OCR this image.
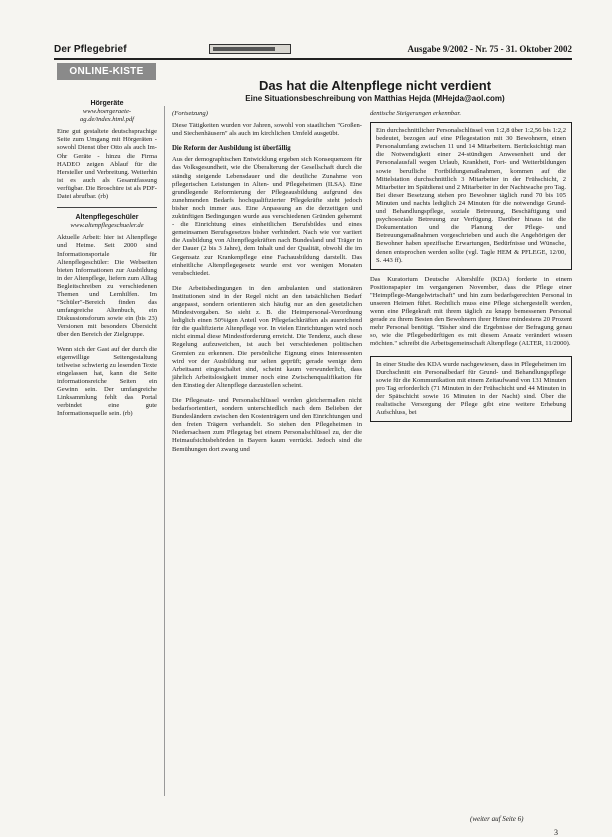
Der Pflegebrief	Ausgabe 9/2002 - Nr. 75 - 31. Oktober 2002
ONLINE-KISTE
Das hat die Altenpflege nicht verdient
Eine Situationsbeschreibung von Matthias Hejda (MHejda@aol.com)
Hörgeräte
www.hoergeraete-ag.de/index.html.pdf
Eine gut gestaltete deutschsprachige Seite zum Umgang mit Hörgeräten - sowohl Dienst über Otto als auch Im-Ohr Geräte - hinzu die Firma HADEO zeigen Ablauf für die Hersteller und Verbreitung. Weiterhin ist es auch als Gesamtfassung verfügbar. Die Broschüre ist als PDF-Datei abrufbar. (rb)
Altenpflegeschüler
www.altenpflegeschueler.de
Aktuelle Arbeit: hier ist Altenpflege und Heime. Seit 2000 sind Informationsportale für Altenpflegeschüler: Die Webseiten bieten Informationen zur Ausbildung in der Altenpflege, liefern zum Alltag Begleitschreiben zu verschiedenen Themen und Lernhilfen. Im "Schüler"-Bereich finden das umfangreiche Altenbuch, ein Diskussionsforum sowie ein (bis 23) Versionen mit besonders Übersicht über den Bereich der Zielgruppe.
Wenn sich der Gast auf der durch die eigenwillige Seitengestaltung teilweise schwierig zu lesenden Texte eingelassen hat, kann die Seite informationsreiche Seiten ein Gewinn sein. Der umfangreiche Linksammlung fehlt das Portal verbindet eine gute Informationsquelle sein. (rb)
(Fortsetzung)

Diese Tätigkeiten wurden vor Jahren, sowohl von staatlichen "Großen- und Siechenhäusern" als auch im kirchlichen Umfeld ausgeübt.

Die Reform der Ausbildung ist überfällig

Aus der demographischen Entwicklung ergeben sich Konsequenzen für das Volksgesundheit, wie die Überalterung der Gesellschaft durch die ständig steigende Lebensdauer und die deutliche Zunahme von pflegerischen Leistungen in Alten- und Pflegeheimen (ILSA). Eine grundlegende Reformierung der Pflegeausbildung aufgrund des zunehmenden Bedarfs hochqualifizierter Pflegekräfte steht jedoch bisher noch immer aus. Eine Anpassung an die derzeitigen und zukünftigen Bedingungen wurde aus verschiedenen Gründen gehemmt - die Einrichtung eines einheitlichen Berufsbildes und eines gemeinsamen Berufsgesetzes bisher verhindert. Nach wie vor variiert die Ausbildung von Altenpflegekräften nach Bundesland und Träger in der Dauer (2 bis 3 Jahre), dem Inhalt und der Qualität, obwohl die im Gegensatz zur Krankenpflege eine Fachausbildung darstellt. Das einheitliche Altenpflegegesetz wurde erst vor wenigen Monaten verabschiedet.

Die Arbeitsbedingungen in den ambulanten und stationären Institutionen sind in der Regel nicht an den tatsächlichen Bedarf angepasst, sondern orientieren sich häufig nur an den gesetzlichen Mindestvorgaben. So sieht z. B. die Heimpersonal-Verordnung lediglich einen 50%igen Anteil von Pflegefachkräften als ausreichend für die qualifizierte Altenpflege vor. In vielen Einrichtungen wird noch nicht einmal diese Mindestforderung erreicht. Die Tendenz, auch diese Regelung aufzuweichen, ist auch bei verschiedenen politischen Gremien zu erkennen. Die persönliche Eignung eines Interessenten wird vor der Ausbildung nur selten geprüft; gerade wenige dem Arbeitsamt eingeschaltet sind, scheint kaum verwunderlich, dass jährlich Arbeitslosigkeit immer noch eine Zwischenqualifikation für den Einstieg der Altenpflege darzustellen scheint.

Die Pflegesatz- und Personalschlüssel werden gleichermaßen nicht bedarfsorientiert, sondern unterschiedlich nach dem Belieben der Bundesländern zwischen den Kostenträgern und den Einrichtungen und den freien Trägern verhandelt. So stehen den Pflegeheimen in Niedersachsen zum Pflegetag bei einem Personalschlüssel zu, der die Heimaufsichtsbehörden in Bayern kaum verrückt. Jedoch sind die Bemühungen dort zwang und

dentische Steigerungen erkennbar.
Ein durchschnittlicher Personalschlüssel von 1:2,8 über 1:2,56 bis 1:2,2 bedeutet, bezogen auf eine Pflegestation mit 30 Bewohnern, einen Personalumfang zwischen 11 und 14 Mitarbeitern. Berücksichtigt man die Notwendigkeit einer 24-stündigen Anwesenheit und der Personalausfall wegen Urlaub, Krankheit, Fort- und Weiterbildungen sowie berufliche Fortbildungsmaßnahmen, kommen auf die Mittelstation durchschnittlich 3 Mitarbeiter in der Frühschicht, 2 Mitarbeiter im Spätdienst und 2 Mitarbeiter in der Nachtwache pro Tag. Bei dieser Besetzung stehen pro Bewohner täglich rund 70 bis 105 Minuten und nachts lediglich 24 Minuten für die notwendige Grund- und Behandlungspflege, soziale Betreuung, Beschäftigung und psychosoziale Betreuung zur Verfügung. Darüber hinaus ist die Dokumentation und die Planung der Pflege- und Betreuungsmaßnahmen vorgeschrieben und auch die Angehörigen der Bewohner haben spezifische Erwartungen, Bedürfnisse und Wünsche, denen entsprochen werden sollte (vgl. Tagle HEM & PFLEGE, 12/00, S. 443 ff).

Das Kuratorium Deutsche Altershilfe (KDA) forderte in einem Positionspapier im vergangenen November, dass die Pflege einer "Heimpflege-Mangelwirtschaft" und hin zum bedarfsgerechten Personal in unseren Heimen führt. Rechtlich muss eine Pflege sichergestellt werden, wenn eine Pflegekraft mit ihrem täglich zu knapp bemessenen Personal gerade zu ihrem Besten den Bewohnern ihrer Heime mindestens 20 Prozent mehr Personal benötigt. "Bisher sind die Ergebnisse der Befragung genau so, wie die Pflegebedürftigen es mit diesem Ansatz verändert wissen möchten." schreibt die Arbeitsgemeinschaft Altenpflege (ALTER, 11/2000).

In einer Studie des KDA wurde nachgewiesen, dass in Pflegeheimen im Durchschnitt ein Personalbedarf für Grund- und Behandlungspflege sowie für die Kommunikation mit einem Zeitaufwand von 131 Minuten pro Tag erforderlich (71 Minuten in der Frühschicht und 44 Minuten in der Spätschicht sowie 16 Minuten in der Nacht) sind. Über die realistische Versorgung der Pflege gibt eine weitere Erhebung Aufschluss, bei
(weiter auf Seite 6)
3
